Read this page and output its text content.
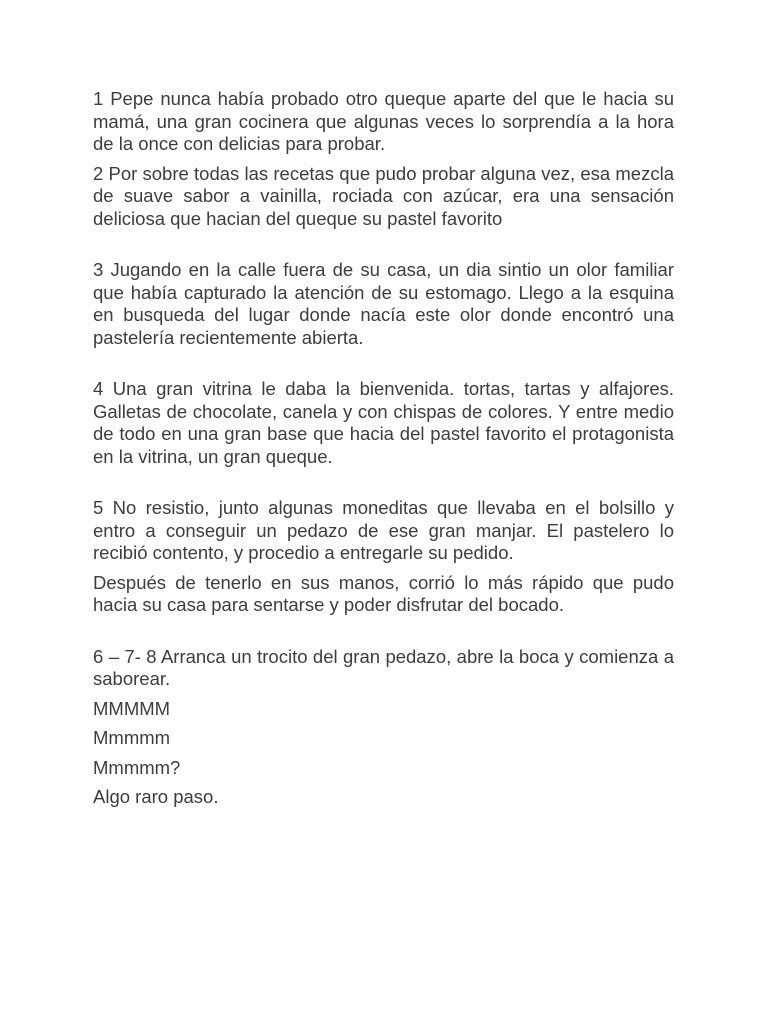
1 Pepe nunca había probado otro queque aparte del que le hacia su mamá, una gran cocinera que algunas veces lo sorprendía a la hora de la once con delicias para probar.

2 Por sobre todas las recetas que pudo probar alguna vez, esa mezcla de suave sabor a vainilla, rociada con azúcar, era una sensación deliciosa que hacian del queque su pastel favorito

3 Jugando en la calle fuera de su casa, un dia sintio un olor familiar que había capturado la atención de su estomago. Llego a la esquina en busqueda del lugar donde nacía este olor donde encontró una pastelería recientemente abierta.

4 Una gran vitrina le daba la bienvenida. tortas, tartas y alfajores. Galletas de chocolate, canela y con chispas de colores. Y entre medio de todo en una gran base que hacia del pastel favorito el protagonista en la vitrina, un gran queque.

5 No resistio, junto algunas moneditas que llevaba en el bolsillo y entro a conseguir un pedazo de ese gran manjar. El pastelero lo recibió contento, y procedio a entregarle su pedido.

Después de tenerlo en sus manos, corrió lo más rápido que pudo hacia su casa para sentarse y poder disfrutar del bocado.

6 – 7- 8 Arranca un trocito del gran pedazo, abre la boca y comienza a saborear.

MMMMM

Mmmmm

Mmmmm?

Algo raro paso.
